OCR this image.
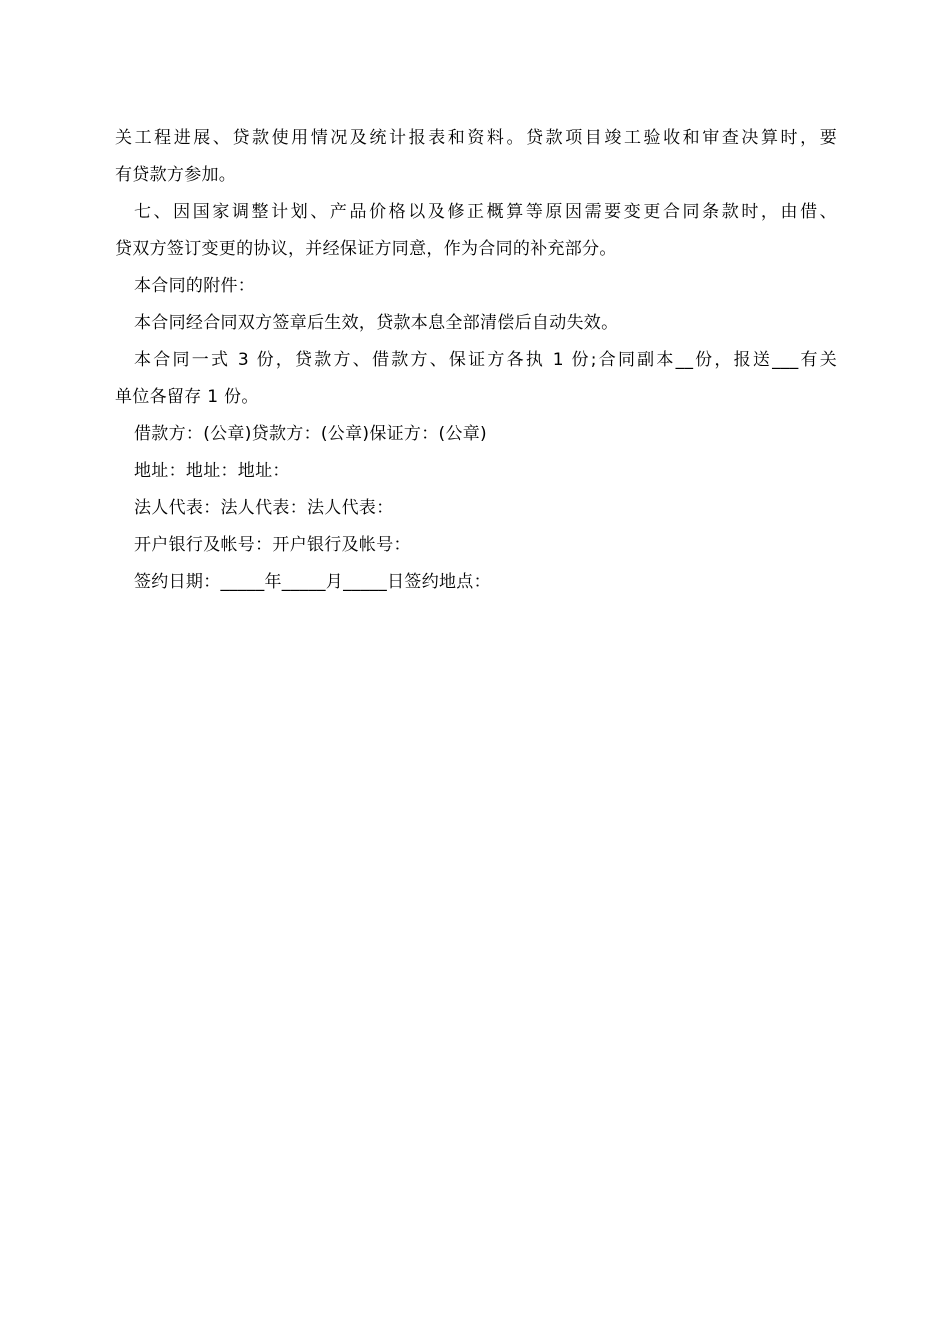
关工程进展、贷款使用情况及统计报表和资料。贷款项目竣工验收和审查决算时，要
有贷款方参加。
七、因国家调整计划、产品价格以及修正概算等原因需要变更合同条款时，由借、
贷双方签订变更的协议，并经保证方同意，作为合同的补充部分。
本合同的附件：
本合同经合同双方签章后生效，贷款本息全部清偿后自动失效。
本合同一式 3 份，贷款方、借款方、保证方各执 1 份;合同副本__份，报送___有关
单位各留存 1 份。
借款方：(公章)贷款方：(公章)保证方：(公章)
地址：地址：地址：
法人代表：法人代表：法人代表：
开户银行及帐号：开户银行及帐号：
签约日期：_____年_____月_____日签约地点：
